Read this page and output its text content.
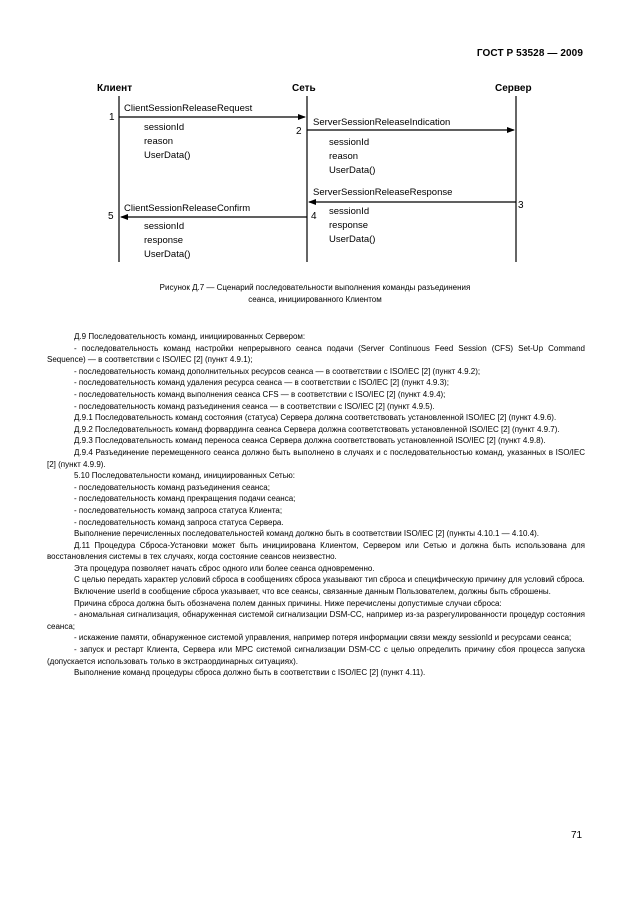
ГОСТ Р 53528 — 2009
Клиент	Сеть	Сервер
1
ClientSessionReleaseRequest
sessionId
reason
UserData()
2
ServerSessionReleaseIndication
sessionId
reason
UserData()
ServerSessionReleaseResponse
3
sessionId
response
UserData()
ClientSessionReleaseConfirm
4
5
sessionId
response
UserData()
Рисунок Д.7 — Сценарий последовательности выполнения команды разъединения
сеанса, инициированного Клиентом

Д.9 Последовательность команд, инициированных Сервером:

- последовательность команд настройки непрерывного сеанса подачи (Server Continuous Feed Session (CFS) Set-Up Command Sequence) — в соответствии с ISO/IEC [2] (пункт 4.9.1);

- последовательность команд дополнительных ресурсов сеанса — в соответствии с ISO/IEC [2] (пункт 4.9.2);

- последовательность команд удаления ресурса сеанса — в соответствии с ISO/IEC [2] (пункт 4.9.3);

- последовательность команд выполнения сеанса CFS — в соответствии с ISO/IEC [2] (пункт 4.9.4);

- последовательность команд разъединения сеанса — в соответствии с ISO/IEC [2] (пункт 4.9.5).

Д.9.1 Последовательность команд состояния (статуса) Сервера должна соответствовать установленной ISO/IEC [2] (пункт 4.9.6).

Д.9.2 Последовательность команд форвардинга сеанса Сервера должна соответствовать установленной ISO/IEC [2] (пункт 4.9.7).

Д.9.3 Последовательность команд переноса сеанса Сервера должна соответствовать установленной ISO/IEC [2] (пункт 4.9.8).

Д.9.4 Разъединение перемещенного сеанса должно быть выполнено в случаях и с последовательностью команд, указанных в ISO/IEC [2] (пункт 4.9.9).

5.10 Последовательности команд, инициированных Сетью:

- последовательность команд разъединения сеанса;

- последовательность команд прекращения подачи сеанса;

- последовательность команд запроса статуса Клиента;

- последовательность команд запроса статуса Сервера.

Выполнение перечисленных последовательностей команд должно быть в соответствии ISO/IEC [2] (пункты 4.10.1 — 4.10.4).

Д.11 Процедура Сброса-Установки может быть инициирована Клиентом, Сервером или Сетью и должна быть использована для восстановления системы в тех случаях, когда состояние сеансов неизвестно.

Эта процедура позволяет начать сброс одного или более сеанса одновременно.

С целью передать характер условий сброса в сообщениях сброса указывают тип сброса и специфическую причину для условий сброса.

Включение userId в сообщение сброса указывает, что все сеансы, связанные данным Пользователем, должны быть сброшены.

Причина сброса должна быть обозначена полем данных причины. Ниже перечислены допустимые случаи сброса:

- аномальная сигнализация, обнаруженная системой сигнализации DSM-CC, например из-за разрегулированности процедур состояния сеанса;

- искажение памяти, обнаруженное системой управления, например потеря информации связи между sessionId и ресурсами сеанса;

- запуск и рестарт Клиента, Сервера или МРС системой сигнализации DSM-CC с целью определить причину сбоя процесса запуска (допускается использовать только в экстраординарных ситуациях).

Выполнение команд процедуры сброса должно быть в соответствии с ISO/IEC [2] (пункт 4.11).

71
